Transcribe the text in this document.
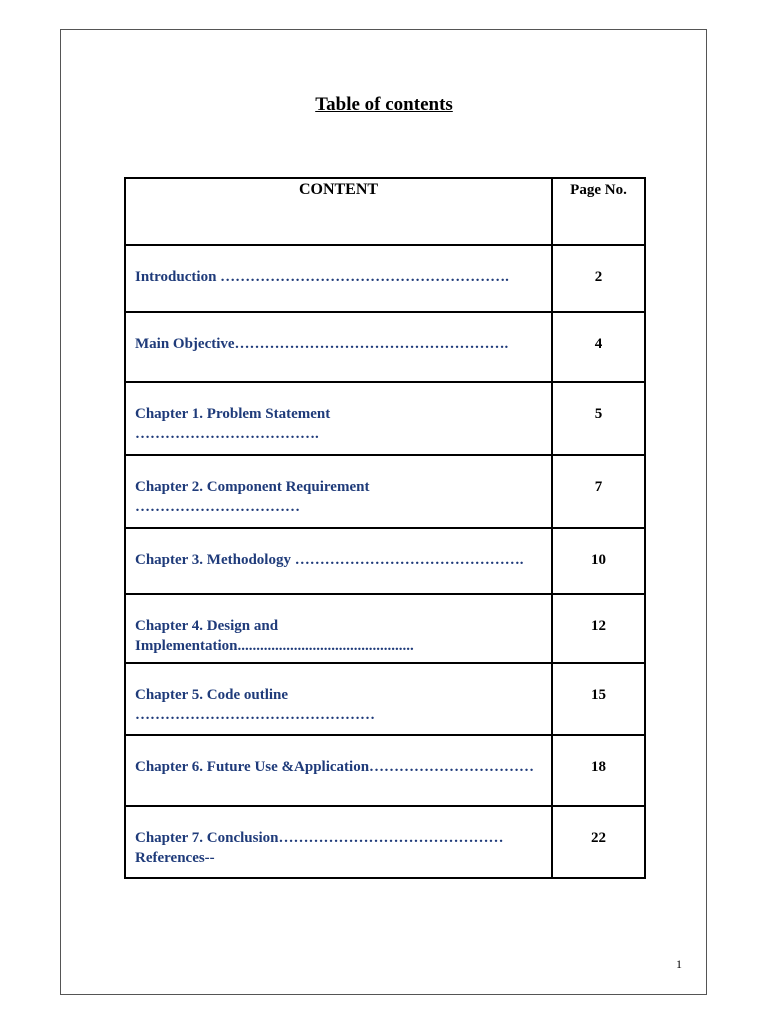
Table of contents
CONTENT	Page No.
Introduction ………………………………………………….	2
Main Objective……………………………………………….	4
Chapter 1. Problem Statement
……………………………….	5
Chapter 2. Component Requirement
……………………………	7
Chapter 3. Methodology ……………………………………….	10
Chapter 4. Design and
Implementation...............................................	12
Chapter 5. Code outline
…………………………………………	15
Chapter 6. Future Use &Application……………………………	18
Chapter 7. Conclusion………………………………………
References--	22
1
